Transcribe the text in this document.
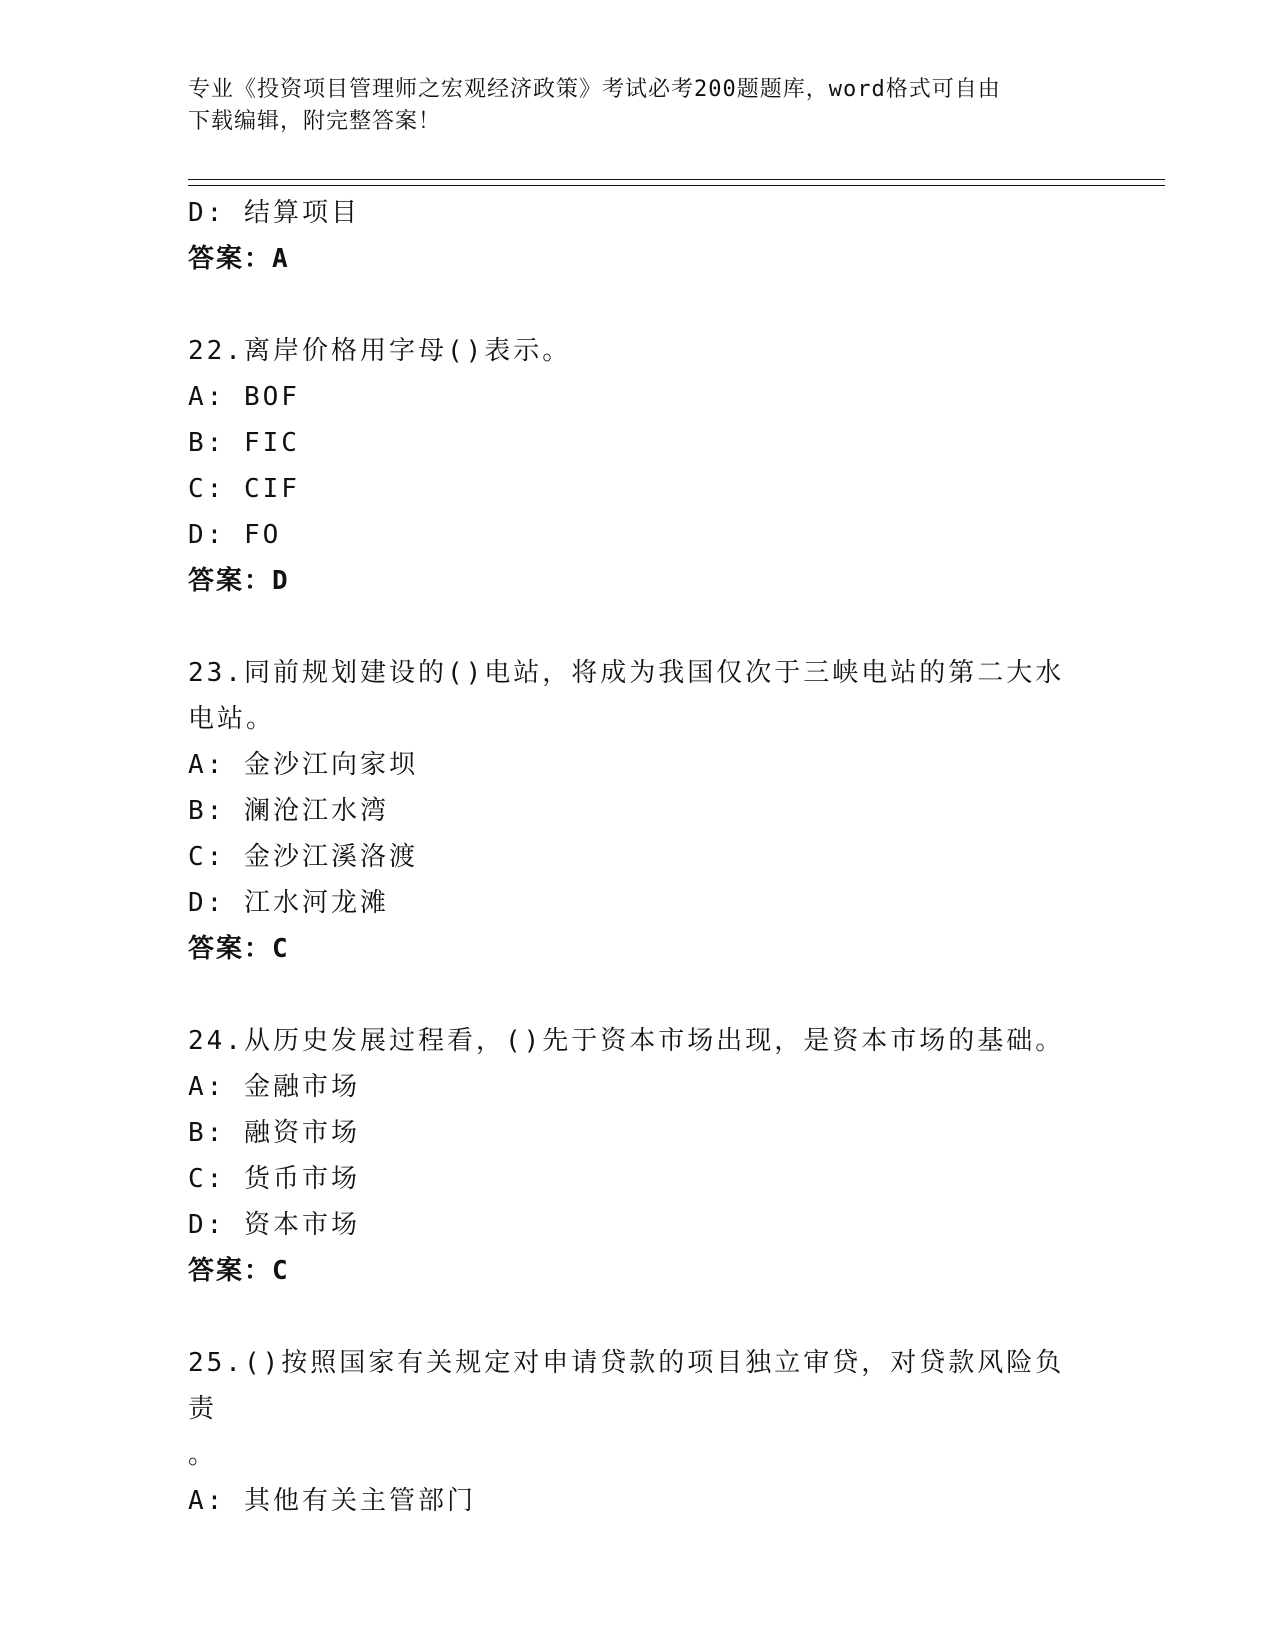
专业《投资项目管理师之宏观经济政策》考试必考200题题库，word格式可自由
下载编辑，附完整答案！
D: 结算项目
答案：A
22.离岸价格用字母()表示。
A: BOF
B: FIC
C: CIF
D: FO
答案：D
23.同前规划建设的()电站，将成为我国仅次于三峡电站的第二大水电站。
A: 金沙江向家坝
B: 澜沧江水湾
C: 金沙江溪洛渡
D: 江水河龙滩
答案：C
24.从历史发展过程看，()先于资本市场出现，是资本市场的基础。
A: 金融市场
B: 融资市场
C: 货币市场
D: 资本市场
答案：C
25.()按照国家有关规定对申请贷款的项目独立审贷，对贷款风险负责
。
A: 其他有关主管部门
